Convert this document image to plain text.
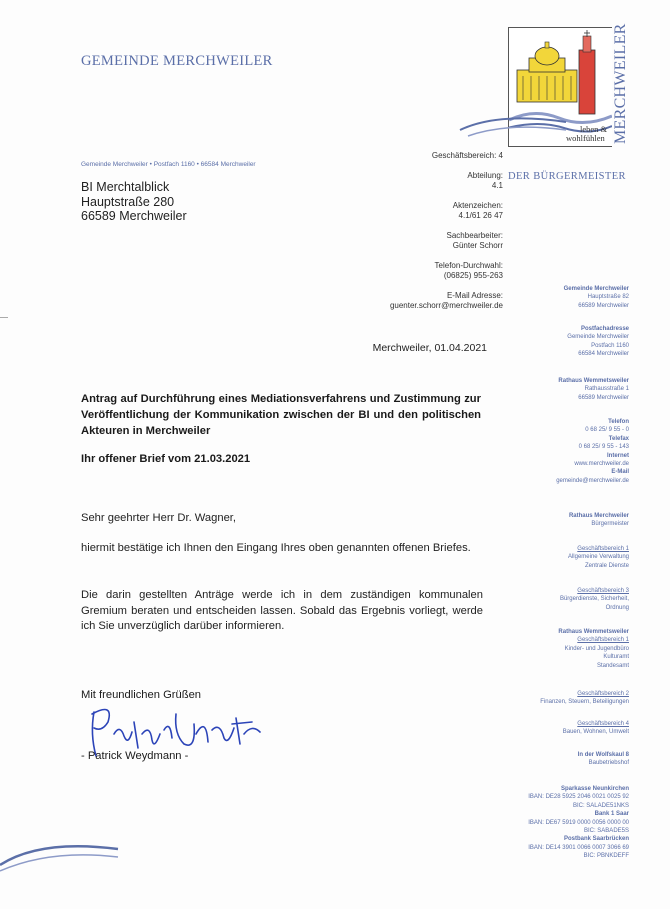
GEMEINDE MERCHWEILER
leben &
wohlfühlen MERCHWEILER
Gemeinde Merchweiler • Postfach 1160 • 66584 Merchweiler
BI Merchtalblick
Hauptstraße 280
66589 Merchweiler
Geschäftsbereich: 4
Abteilung:
4.1
Aktenzeichen:
4.1/61 26 47
Sachbearbeiter:
Günter Schorr
Telefon-Durchwahl:
(06825) 955-263
E-Mail Adresse:
guenter.schorr@merchweiler.de
DER BÜRGERMEISTER
Gemeinde Merchweiler
Hauptstraße 82
66589 Merchweiler
Postfachadresse
Gemeinde Merchweiler
Postfach 1160
66584 Merchweiler
Rathaus Wemmetsweiler
Rathausstraße 1
66589 Merchweiler
Telefon
0 68 25/ 9 55 - 0
Telefax
0 68 25/ 9 55 - 143
Internet
www.merchweiler.de
E-Mail
gemeinde@merchweiler.de
Rathaus Merchweiler
Bürgermeister
Geschäftsbereich 1
Allgemeine Verwaltung
Zentrale Dienste
Geschäftsbereich 3
Bürgerdienste, Sicherheit,
Ordnung
Rathaus Wemmetsweiler
Geschäftsbereich 1
Kinder- und Jugendbüro
Kulturamt
Standesamt
Geschäftsbereich 2
Finanzen, Steuern, Beteiligungen
Geschäftsbereich 4
Bauen, Wohnen, Umwelt
In der Wolfskaul 8
Baubetriebshof
Sparkasse Neunkirchen
IBAN: DE28 5925 2046 0021 0025 92
BIC: SALADE51NKS
Bank 1 Saar
IBAN: DE67 5919 0000 0056 0000 00
BIC: SABADE5S
Postbank Saarbrücken
IBAN: DE14 3901 0066 0007 3066 69
BIC: PBNKDEFF
Merchweiler, 01.04.2021
Antrag auf Durchführung eines Mediationsverfahrens und Zustimmung zur Veröffentlichung der Kommunikation zwischen der BI und den politischen Akteuren in Merchweiler
Ihr offener Brief vom 21.03.2021
Sehr geehrter Herr Dr. Wagner,
hiermit bestätige ich Ihnen den Eingang Ihres oben genannten offenen Briefes.
Die darin gestellten Anträge werde ich in dem zuständigen kommunalen Gremium beraten und entscheiden lassen. Sobald das Ergebnis vorliegt, werde ich Sie unverzüglich darüber informieren.
Mit freundlichen Grüßen
- Patrick Weydmann -
